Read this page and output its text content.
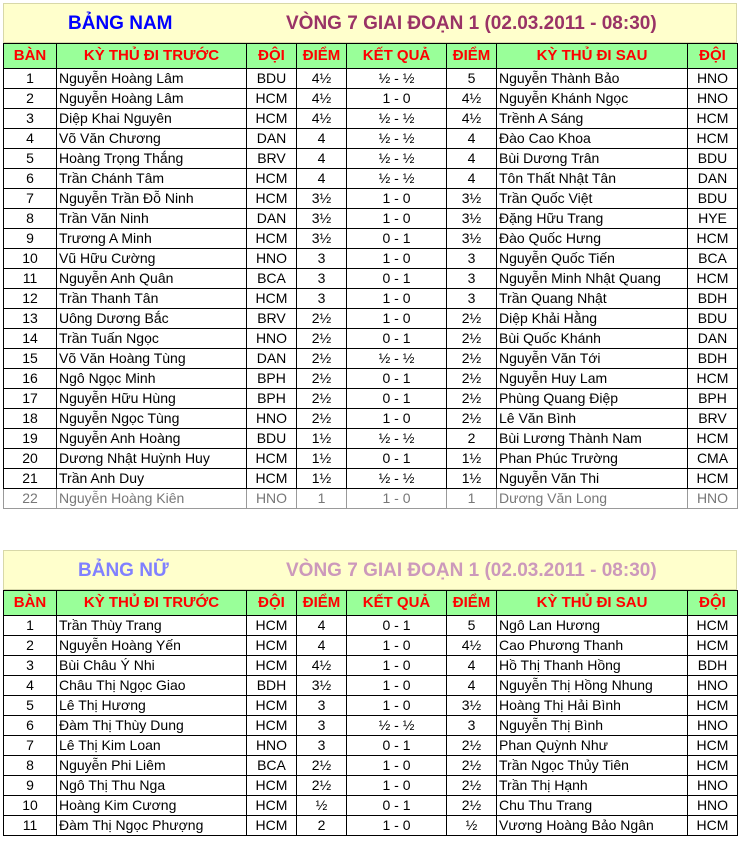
BẢNG NAM	VÒNG 7 GIAI ĐOẠN 1 (02.03.2011 - 08:30)
BÀN	KỲ THỦ ĐI TRƯỚC	ĐỘI	ĐIỂM	KẾT QUẢ	ĐIỂM	KỲ THỦ ĐI SAU	ĐỘI
1	Nguyễn Hoàng Lâm	BDU	4½	½ - ½	5	Nguyễn Thành Bảo	HNO
2	Nguyễn Hoàng Lâm	HCM	4½	1 - 0	4½	Nguyễn Khánh Ngọc	HNO
3	Diệp Khai Nguyên	HCM	4½	½ - ½	4½	Trềnh A Sáng	HCM
4	Võ Văn Chương	DAN	4	½ - ½	4	Đào Cao Khoa	HCM
5	Hoàng Trọng Thắng	BRV	4	½ - ½	4	Bùi Dương Trân	BDU
6	Trần Chánh Tâm	HCM	4	½ - ½	4	Tôn Thất Nhật Tân	DAN
7	Nguyễn Trần Đỗ Ninh	HCM	3½	1 - 0	3½	Trần Quốc Việt	BDU
8	Trần Văn Ninh	DAN	3½	1 - 0	3½	Đặng Hữu Trang	HYE
9	Trương A Minh	HCM	3½	0 - 1	3½	Đào Quốc Hưng	HCM
10	Vũ Hữu Cường	HNO	3	1 - 0	3	Nguyễn Quốc Tiến	BCA
11	Nguyễn Anh Quân	BCA	3	0 - 1	3	Nguyễn Minh Nhật Quang	HCM
12	Trần Thanh Tân	HCM	3	1 - 0	3	Trần Quang Nhật	BDH
13	Uông Dương Bắc	BRV	2½	1 - 0	2½	Diệp Khải Hằng	BDU
14	Trần Tuấn Ngọc	HNO	2½	0 - 1	2½	Bùi Quốc Khánh	DAN
15	Võ Văn Hoàng Tùng	DAN	2½	½ - ½	2½	Nguyễn Văn Tới	BDH
16	Ngô Ngọc Minh	BPH	2½	0 - 1	2½	Nguyễn Huy Lam	HCM
17	Nguyễn Hữu Hùng	BPH	2½	0 - 1	2½	Phùng Quang Điệp	BPH
18	Nguyễn Ngọc Tùng	HNO	2½	1 - 0	2½	Lê Văn Bình	BRV
19	Nguyễn Anh Hoàng	BDU	1½	½ - ½	2	Bùi Lương Thành Nam	HCM
20	Dương Nhật Huỳnh Huy	HCM	1½	0 - 1	1½	Phan Phúc Trường	CMA
21	Trần Anh Duy	HCM	1½	½ - ½	1½	Nguyễn Văn Thi	HCM
22	Nguyễn Hoàng Kiên	HNO	1	1 - 0	1	Dương Văn Long	HNO
BẢNG NỮ	VÒNG 7 GIAI ĐOẠN 1 (02.03.2011 - 08:30)
BÀN	KỲ THỦ ĐI TRƯỚC	ĐỘI	ĐIỂM	KẾT QUẢ	ĐIỂM	KỲ THỦ ĐI SAU	ĐỘI
1	Trần Thùy Trang	HCM	4	0 - 1	5	Ngô Lan Hương	HCM
2	Nguyễn Hoàng Yến	HCM	4	1 - 0	4½	Cao Phương Thanh	HCM
3	Bùi Châu Ý Nhi	HCM	4½	1 - 0	4	Hồ Thị Thanh Hồng	BDH
4	Châu Thị Ngọc Giao	BDH	3½	1 - 0	4	Nguyễn Thị Hồng Nhung	HNO
5	Lê Thị Hương	HCM	3	1 - 0	3½	Hoàng Thị Hải Bình	HCM
6	Đàm Thị Thùy Dung	HCM	3	½ - ½	3	Nguyễn Thị Bình	HNO
7	Lê Thị Kim Loan	HNO	3	0 - 1	2½	Phan Quỳnh Như	HCM
8	Nguyễn Phi Liêm	BCA	2½	1 - 0	2½	Trần Ngọc Thủy Tiên	HCM
9	Ngô Thị Thu Nga	HCM	2½	1 - 0	2½	Trần Thị Hạnh	HNO
10	Hoàng Kim Cương	HCM	½	0 - 1	2½	Chu Thu Trang	HNO
11	Đàm Thị Ngọc Phượng	HCM	2	1 - 0	½	Vương Hoàng Bảo Ngân	HCM
